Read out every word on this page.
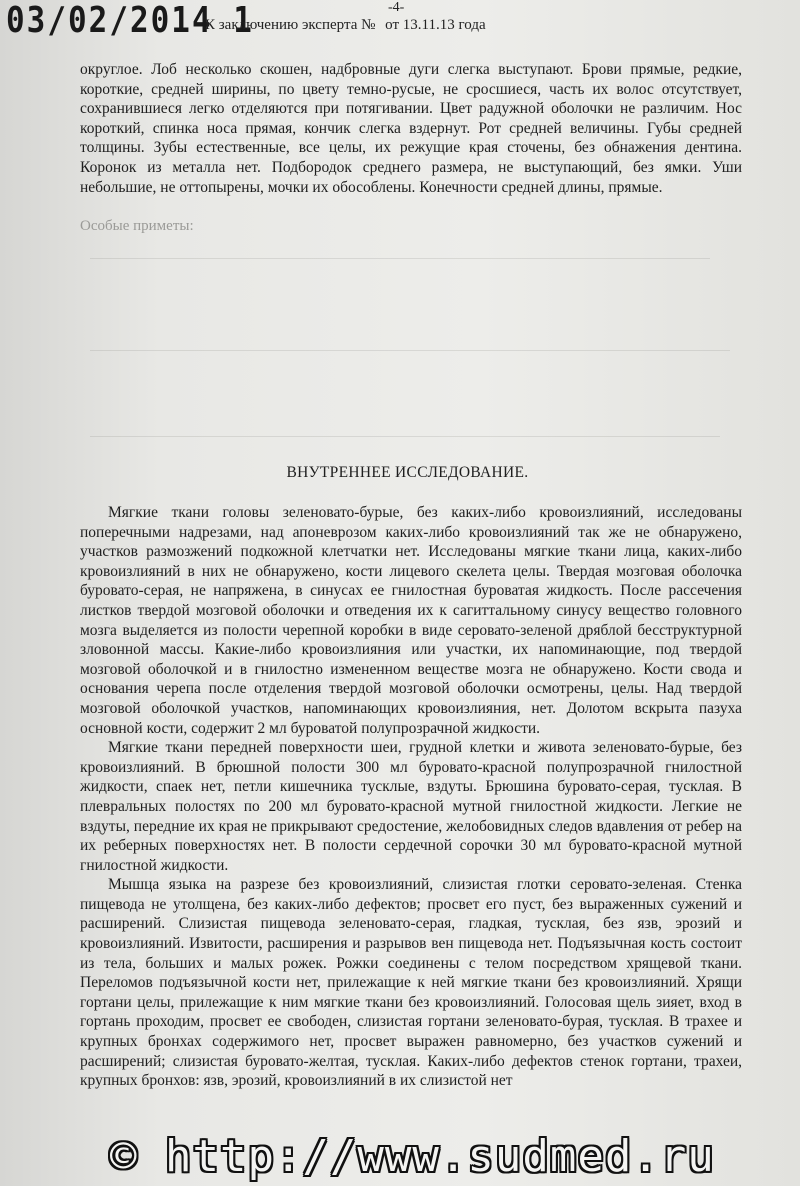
03/02/2014 1	-4-
К заключению эксперта № от 13.11.13 года

округлое. Лоб несколько скошен, надбровные дуги слегка выступают. Брови прямые, редкие, короткие, средней ширины, по цвету темно-русые, не сросшиеся, часть их волос отсутствует, сохранившиеся легко отделяются при потягивании. Цвет радужной оболочки не различим. Нос короткий, спинка носа прямая, кончик слегка вздернут. Рот средней величины. Губы средней толщины. Зубы естественные, все целы, их режущие края сточены, без обнажения дентина. Коронок из металла нет. Подбородок среднего размера, не выступающий, без ямки. Уши небольшие, не оттопырены, мочки их обособлены. Конечности средней длины, прямые.

Особые приметы:
ВНУТРЕННЕЕ ИССЛЕДОВАНИЕ.

Мягкие ткани головы зеленовато-бурые, без каких-либо кровоизлияний, исследованы поперечными надрезами, над апоневрозом каких-либо кровоизлияний так же не обнаружено, участков размозжений подкожной клетчатки нет. Исследованы мягкие ткани лица, каких-либо кровоизлияний в них не обнаружено, кости лицевого скелета целы. Твердая мозговая оболочка буровато-серая, не напряжена, в синусах ее гнилостная буроватая жидкость. После рассечения листков твердой мозговой оболочки и отведения их к сагиттальному синусу вещество головного мозга выделяется из полости черепной коробки в виде серовато-зеленой дряблой бесструктурной зловонной массы. Какие-либо кровоизлияния или участки, их напоминающие, под твердой мозговой оболочкой и в гнилостно измененном веществе мозга не обнаружено. Кости свода и основания черепа после отделения твердой мозговой оболочки осмотрены, целы. Над твердой мозговой оболочкой участков, напоминающих кровоизлияния, нет. Долотом вскрыта пазуха основной кости, содержит 2 мл буроватой полупрозрачной жидкости.

Мягкие ткани передней поверхности шеи, грудной клетки и живота зеленовато-бурые, без кровоизлияний. В брюшной полости 300 мл буровато-красной полупрозрачной гнилостной жидкости, спаек нет, петли кишечника тусклые, вздуты. Брюшина буровато-серая, тусклая. В плевральных полостях по 200 мл буровато-красной мутной гнилостной жидкости. Легкие не вздуты, передние их края не прикрывают средостение, желобовидных следов вдавления от ребер на их реберных поверхностях нет. В полости сердечной сорочки 30 мл буровато-красной мутной гнилостной жидкости.

Мышца языка на разрезе без кровоизлияний, слизистая глотки серовато-зеленая. Стенка пищевода не утолщена, без каких-либо дефектов; просвет его пуст, без выраженных сужений и расширений. Слизистая пищевода зеленовато-серая, гладкая, тусклая, без язв, эрозий и кровоизлияний. Извитости, расширения и разрывов вен пищевода нет. Подъязычная кость состоит из тела, больших и малых рожек. Рожки соединены с телом посредством хрящевой ткани. Переломов подъязычной кости нет, прилежащие к ней мягкие ткани без кровоизлияний. Хрящи гортани целы, прилежащие к ним мягкие ткани без кровоизлияний. Голосовая щель зияет, вход в гортань проходим, просвет ее свободен, слизистая гортани зеленовато-бурая, тусклая. В трахее и крупных бронхах содержимого нет, просвет выражен равномерно, без участков сужений и расширений; слизистая буровато-желтая, тусклая. Каких-либо дефектов стенок гортани, трахеи, крупных бронхов: язв, эрозий, кровоизлияний в их слизистой нет

© http://www.sudmed.ru
